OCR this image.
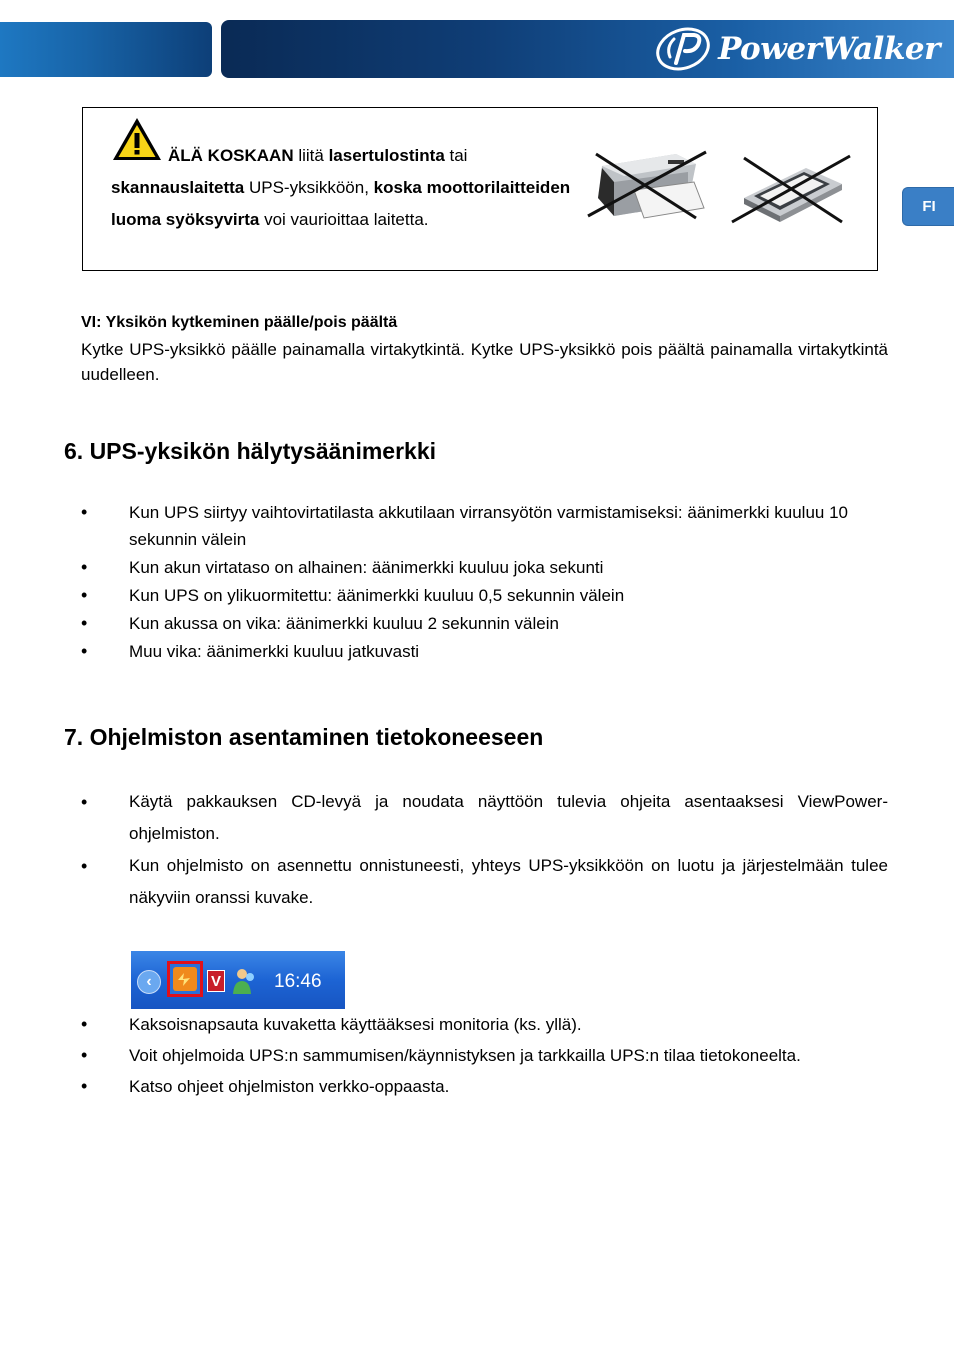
PowerWalker
FI
ÄLÄ KOSKAAN liitä lasertulostinta tai skannauslaitetta UPS-yksikköön, koska moottorilaitteiden luoma syöksyvirta voi vaurioittaa laitetta.
VI: Yksikön kytkeminen päälle/pois päältä
Kytke UPS-yksikkö päälle painamalla virtakytkintä. Kytke UPS-yksikkö pois päältä painamalla virtakytkintä uudelleen.
6. UPS-yksikön hälytysäänimerkki
• Kun UPS siirtyy vaihtovirtatilasta akkutilaan virransyötön varmistamiseksi: äänimerkki kuuluu 10 sekunnin välein
• Kun akun virtataso on alhainen: äänimerkki kuuluu joka sekunti
• Kun UPS on ylikuormitettu: äänimerkki kuuluu 0,5 sekunnin välein
• Kun akussa on vika: äänimerkki kuuluu 2 sekunnin välein
• Muu vika: äänimerkki kuuluu jatkuvasti
7. Ohjelmiston asentaminen tietokoneeseen
• Käytä pakkauksen CD-levyä ja noudata näyttöön tulevia ohjeita asentaaksesi ViewPower-ohjelmiston.
• Kun ohjelmisto on asennettu onnistuneesti, yhteys UPS-yksikköön on luotu ja järjestelmään tulee näkyviin oranssi kuvake.
‹	V	16:46
• Kaksoisnapsauta kuvaketta käyttääksesi monitoria (ks. yllä).
• Voit ohjelmoida UPS:n sammumisen/käynnistyksen ja tarkkailla UPS:n tilaa tietokoneelta.
• Katso ohjeet ohjelmiston verkko-oppaasta.
